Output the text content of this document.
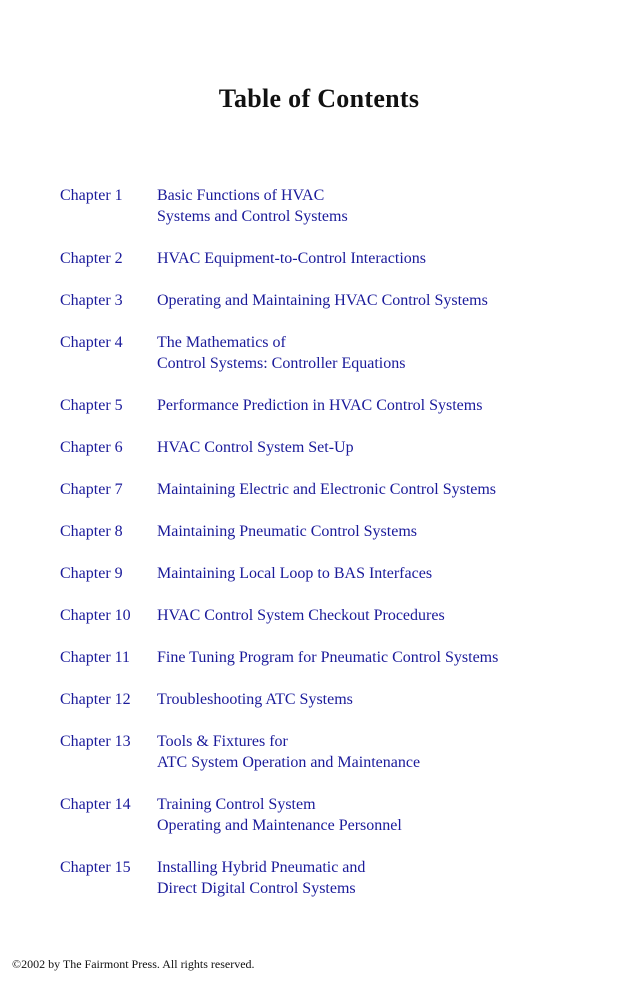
Table of Contents
Chapter 1	Basic Functions of HVAC
Systems and Control Systems
Chapter 2	HVAC Equipment-to-Control Interactions
Chapter 3	Operating and Maintaining HVAC Control Systems
Chapter 4	The Mathematics of
Control Systems: Controller Equations
Chapter 5	Performance Prediction in HVAC Control Systems
Chapter 6	HVAC Control System Set-Up
Chapter 7	Maintaining Electric and Electronic Control Systems
Chapter 8	Maintaining Pneumatic Control Systems
Chapter 9	Maintaining Local Loop to BAS Interfaces
Chapter 10	HVAC Control System Checkout Procedures
Chapter 11	Fine Tuning Program for Pneumatic Control Systems
Chapter 12	Troubleshooting ATC Systems
Chapter 13	Tools & Fixtures for
ATC System Operation and Maintenance
Chapter 14	Training Control System
Operating and Maintenance Personnel
Chapter 15	Installing Hybrid Pneumatic and
Direct Digital Control Systems
©2002 by The Fairmont Press. All rights reserved.
